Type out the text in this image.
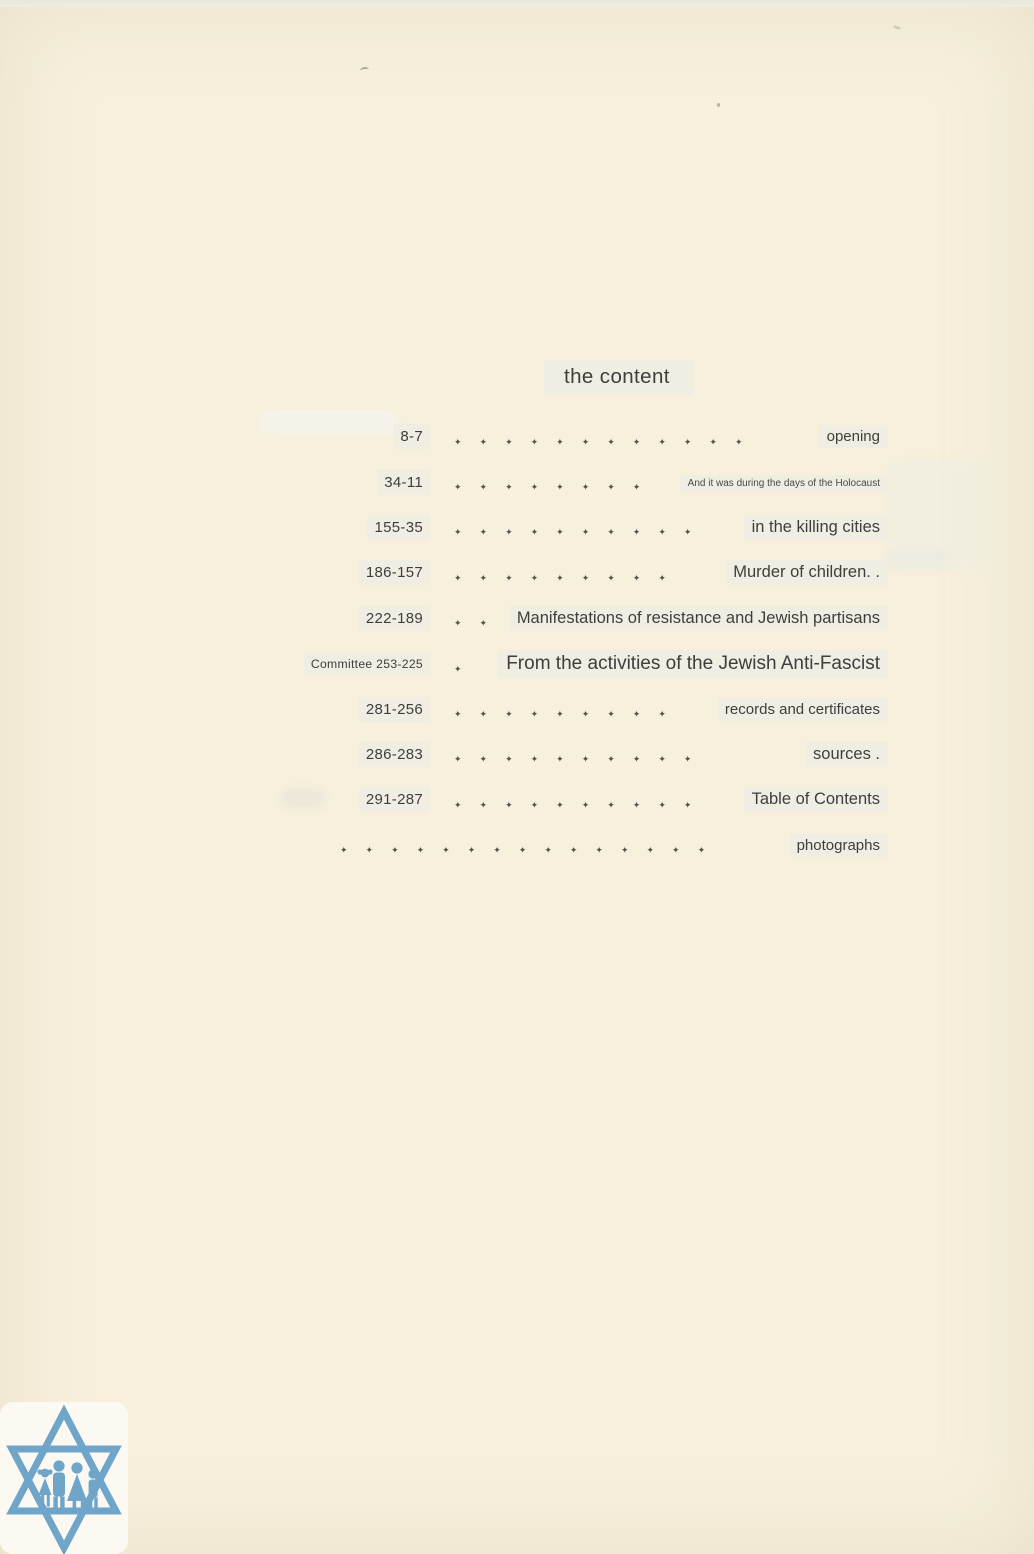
the content
8-7	✦✦✦✦✦✦✦✦✦✦✦✦	opening
34-11	✦✦✦✦✦✦✦✦	And it was during the days of the Holocaust
155-35	✦✦✦✦✦✦✦✦✦✦	in the killing cities
186-157	✦✦✦✦✦✦✦✦✦	Murder of children. .
222-189	✦✦ Manifestations of resistance and Jewish partisans
Committee 253-225	✦	From the activities of the Jewish Anti-Fascist
281-256	✦✦✦✦✦✦✦✦✦	records and certificates
286-283	✦✦✦✦✦✦✦✦✦✦	sources .
291-287	✦✦✦✦✦✦✦✦✦✦	Table of Contents
✦✦✦✦✦✦✦✦✦✦✦✦✦✦✦	photographs
